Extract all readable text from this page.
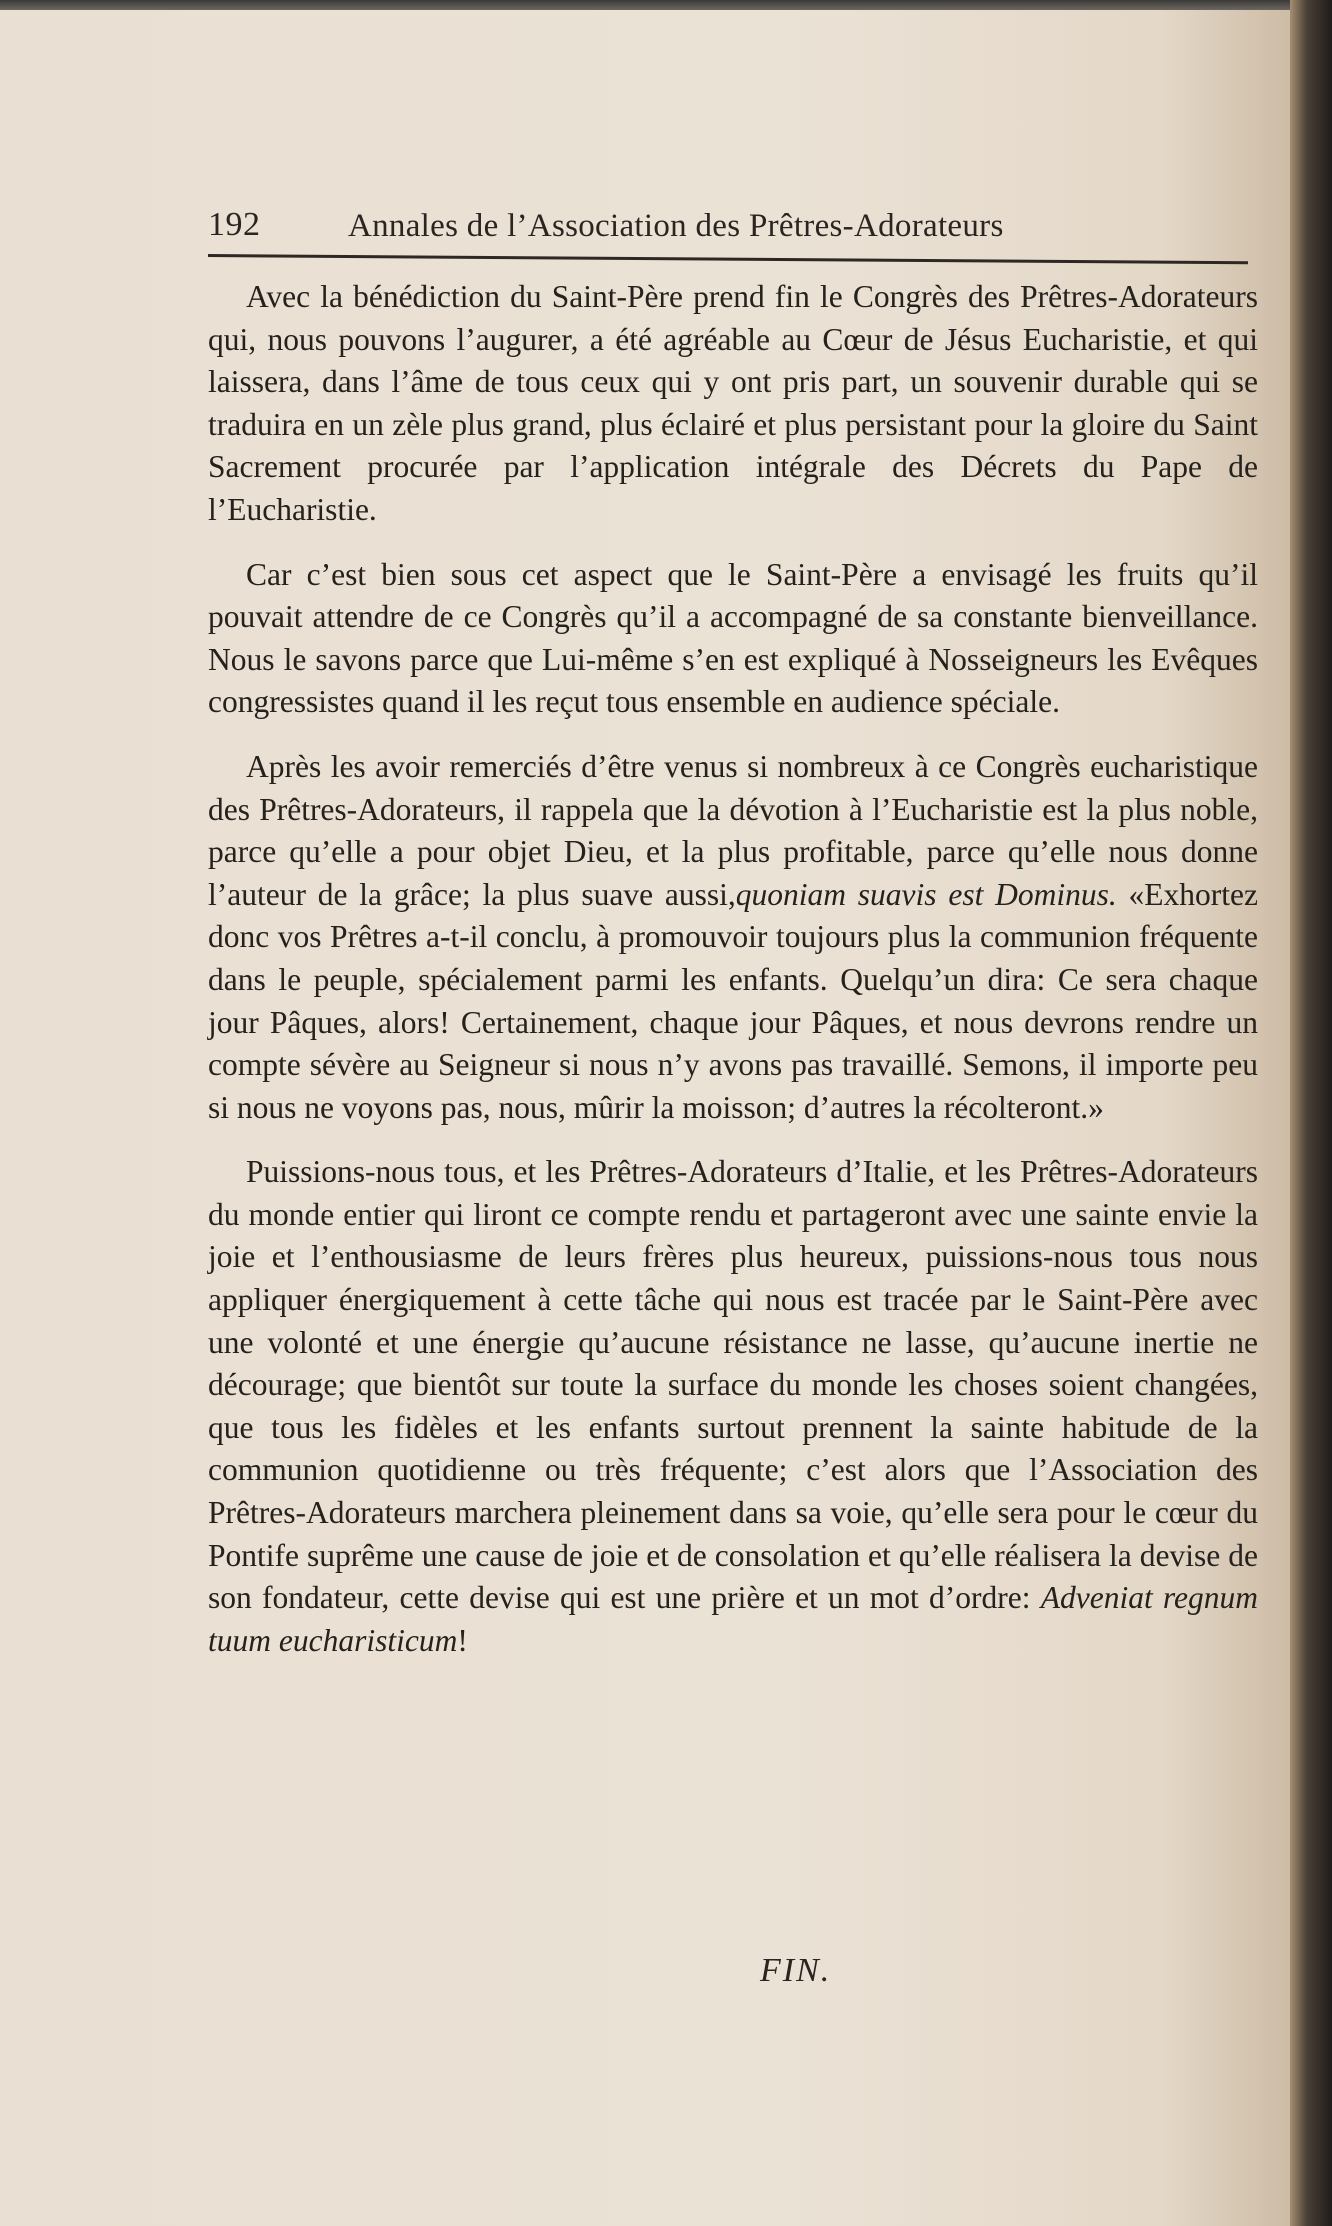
192	Annales de l’Association des Prêtres-Adorateurs

Avec la bénédiction du Saint-Père prend fin le Congrès des Prêtres-Adorateurs qui, nous pouvons l’augurer, a été agréable au Cœur de Jésus Eucharistie, et qui laissera, dans l’âme de tous ceux qui y ont pris part, un souvenir durable qui se traduira en un zèle plus grand, plus éclairé et plus persistant pour la gloire du Saint Sacrement procurée par l’application intégrale des Décrets du Pape de l’Eucharistie.

Car c’est bien sous cet aspect que le Saint-Père a envisagé les fruits qu’il pouvait attendre de ce Congrès qu’il a accompagné de sa constante bienveillance. Nous le savons parce que Lui-même s’en est expliqué à Nosseigneurs les Evêques congressistes quand il les reçut tous ensemble en audience spéciale.

Après les avoir remerciés d’être venus si nombreux à ce Congrès eucharistique des Prêtres-Adorateurs, il rappela que la dévotion à l’Eucharistie est la plus noble, parce qu’elle a pour objet Dieu, et la plus profitable, parce qu’elle nous donne l’auteur de la grâce; la plus suave aussi,quoniam suavis est Dominus. «Exhortez donc vos Prêtres a-t-il conclu, à promouvoir toujours plus la communion fréquente dans le peuple, spécialement parmi les enfants. Quelqu’un dira: Ce sera chaque jour Pâques, alors! Certainement, chaque jour Pâques, et nous devrons rendre un compte sévère au Seigneur si nous n’y avons pas travaillé. Semons, il importe peu si nous ne voyons pas, nous, mûrir la moisson; d’autres la récolteront.»

Puissions-nous tous, et les Prêtres-Adorateurs d’Italie, et les Prêtres-Adorateurs du monde entier qui liront ce compte rendu et partageront avec une sainte envie la joie et l’enthousiasme de leurs frères plus heureux, puissions-nous tous nous appliquer énergiquement à cette tâche qui nous est tracée par le Saint-Père avec une volonté et une énergie qu’aucune résistance ne lasse, qu’aucune inertie ne décourage; que bientôt sur toute la surface du monde les choses soient changées, que tous les fidèles et les enfants surtout prennent la sainte habitude de la communion quotidienne ou très fréquente; c’est alors que l’Association des Prêtres-Adorateurs marchera pleinement dans sa voie, qu’elle sera pour le cœur du Pontife suprême une cause de joie et de consolation et qu’elle réalisera la devise de son fondateur, cette devise qui est une prière et un mot d’ordre: Adveniat regnum tuum eucharisticum!

FIN.
